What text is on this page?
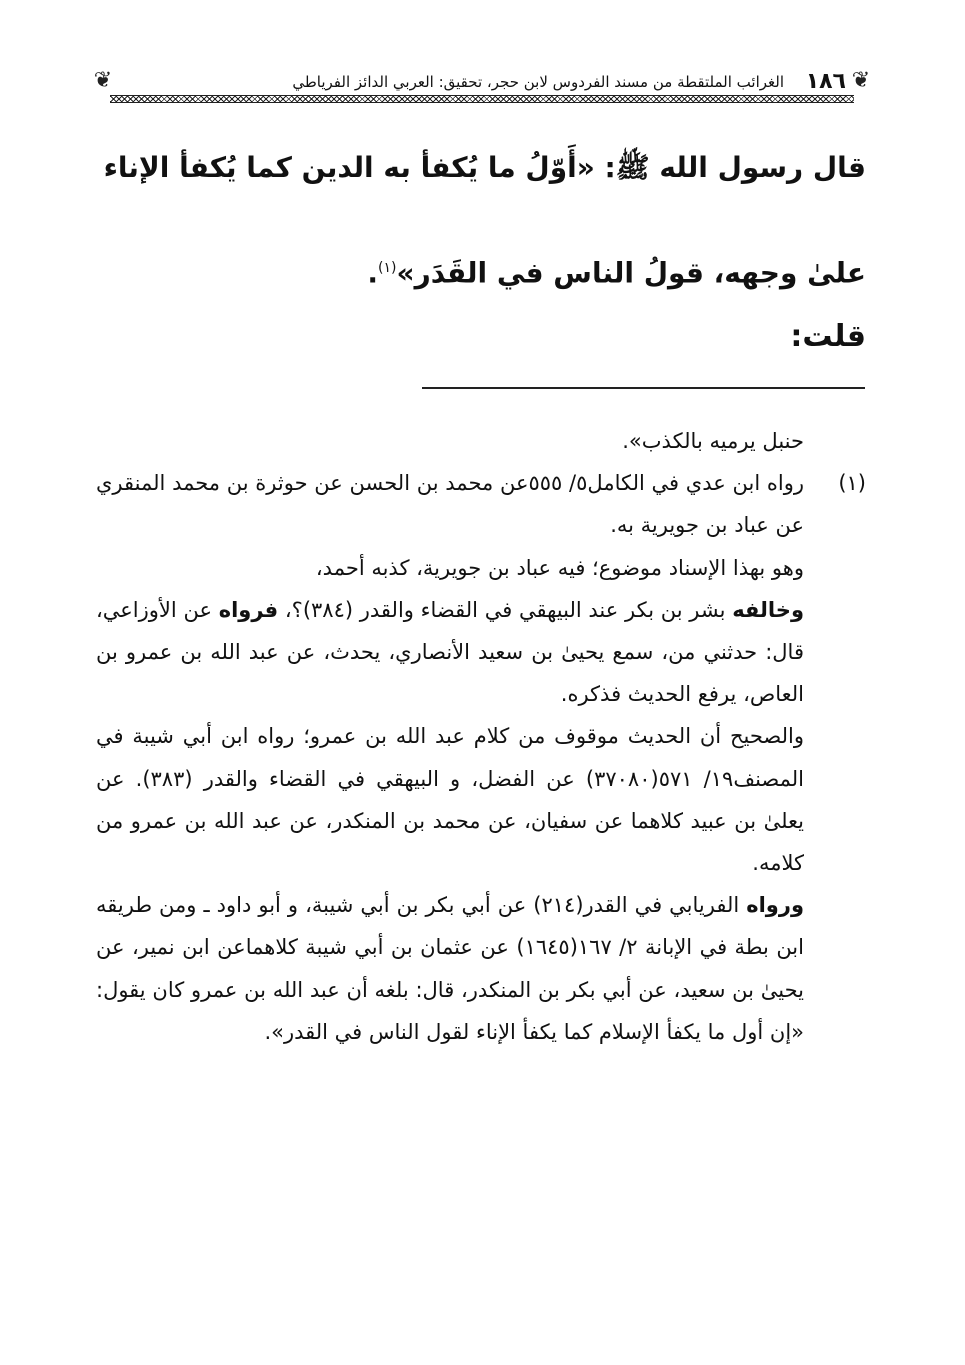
❦
١٨٦
الغرائب الملتقطة من مسند الفردوس لابن حجر، تحقيق: العربي الدائز الفرياطي
❦
قال رسول الله ﷺ: «أَوّلُ ما يُكفأ به الدين كما يُكفأ الإناء علىٰ وجهه، قولُ الناس في القَدَر»$^{(١)}$.
قلت:

حنبل يرميه بالكذب».

(١)

رواه ابن عدي في الكامل٥/ ٥٥٥عن محمد بن الحسن عن حوثرة بن محمد المنقري عن عباد بن جويرية به.

وهو بهذا الإسناد موضوع؛ فيه عباد بن جويرية، كذبه أحمد،

وخالفه بشر بن بكر عند البيهقي في القضاء والقدر (٣٨٤)؟، فرواه عن الأوزاعي، قال: حدثني من، سمع يحيىٰ بن سعيد الأنصاري، يحدث، عن عبد الله بن عمرو بن العاص، يرفع الحديث فذكره.

والصحيح أن الحديث موقوف من كلام عبد الله بن عمرو؛ رواه ابن أبي شيبة في المصنف١٩/ ٥٧١(٣٧٠٨٠) عن الفضل، و البيهقي في القضاء والقدر (٣٨٣). عن يعلىٰ بن عبيد كلاهما عن سفيان، عن محمد بن المنكدر، عن عبد الله بن عمرو من كلامه.

ورواه الفريابي في القدر(٢١٤) عن أبي بكر بن أبي شيبة، و أبو داود ـ ومن طريقه ابن بطة في الإبانة ٢/ ١٦٧(١٦٤٥) عن عثمان بن أبي شيبة كلاهماعن ابن نمير، عن يحيىٰ بن سعيد، عن أبي بكر بن المنكدر، قال: بلغه أن عبد الله بن عمرو كان يقول: «إن أول ما يكفأ الإسلام كما يكفأ الإناء لقول الناس في القدر».
